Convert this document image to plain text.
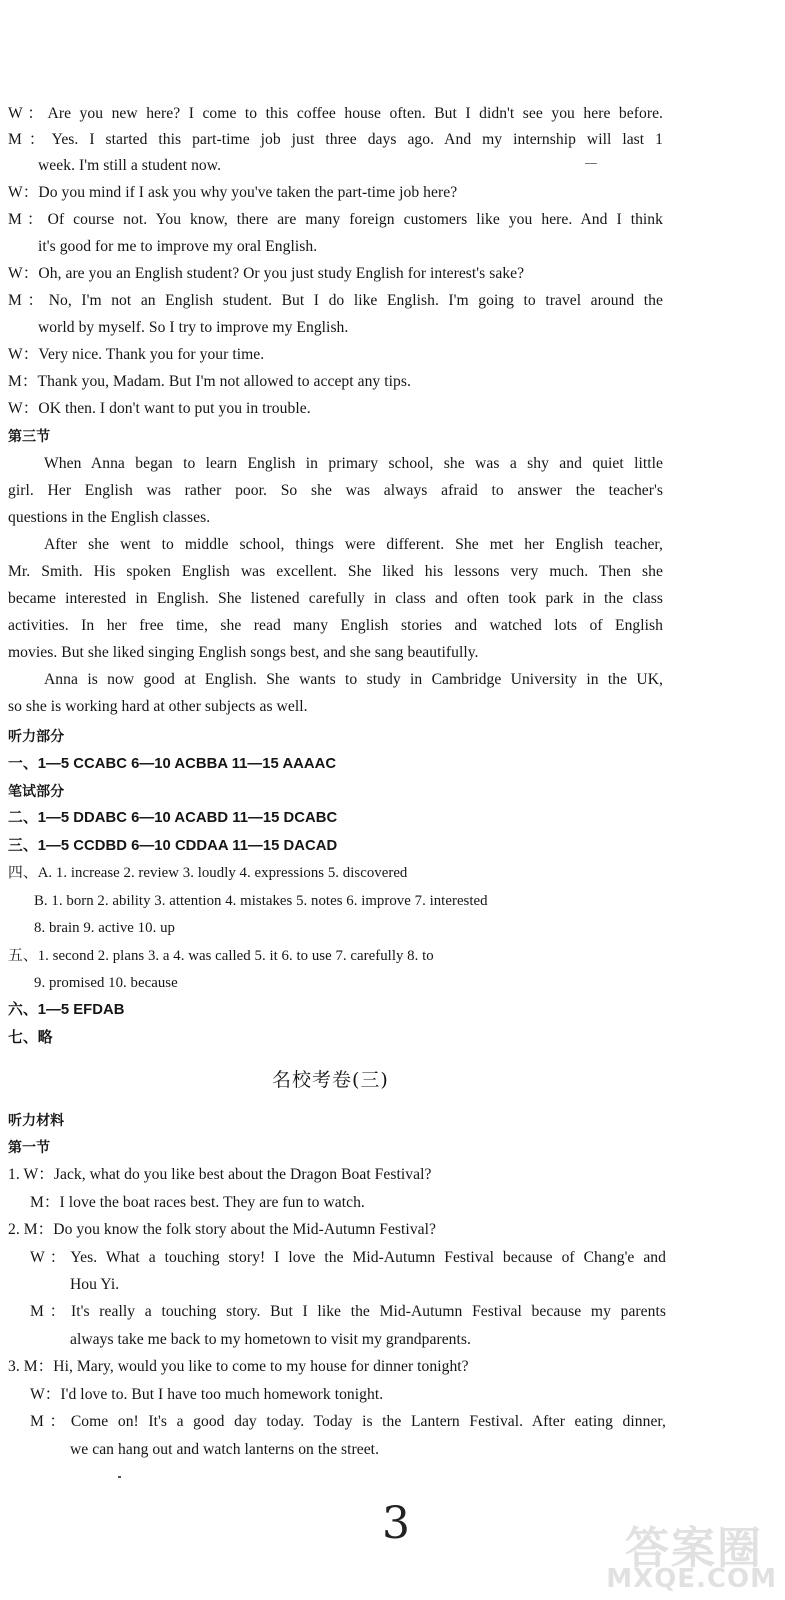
W：Are you new here? I come to this coffee house often. But I didn't see you here before.
M：Yes. I started this part-time job just three days ago. And my internship will last 1
week. I'm still a student now.
W：Do you mind if I ask you why you've taken the part-time job here?
M：Of course not. You know, there are many foreign customers like you here. And I think
it's good for me to improve my oral English.
W：Oh, are you an English student? Or you just study English for interest's sake?
M：No, I'm not an English student. But I do like English. I'm going to travel around the
world by myself. So I try to improve my English.
W：Very nice. Thank you for your time.
M：Thank you, Madam. But I'm not allowed to accept any tips.
W：OK then. I don't want to put you in trouble.
第三节
When Anna began to learn English in primary school, she was a shy and quiet little
girl. Her English was rather poor. So she was always afraid to answer the teacher's
questions in the English classes.
After she went to middle school, things were different. She met her English teacher,
Mr. Smith. His spoken English was excellent. She liked his lessons very much. Then she
became interested in English. She listened carefully in class and often took park in the class
activities. In her free time, she read many English stories and watched lots of English
movies. But she liked singing English songs best, and she sang beautifully.
Anna is now good at English. She wants to study in Cambridge University in the UK,
so she is working hard at other subjects as well.
听力部分
一、1—5 CCABC 6—10 ACBBA 11—15 AAAAC
笔试部分
二、1—5 DDABC 6—10 ACABD 11—15 DCABC
三、1—5 CCDBD 6—10 CDDAA 11—15 DACAD
四、A. 1. increase 2. review 3. loudly 4. expressions 5. discovered
B. 1. born 2. ability 3. attention 4. mistakes 5. notes 6. improve 7. interested
8. brain 9. active 10. up
五、1. second 2. plans 3. a 4. was called 5. it 6. to use 7. carefully 8. to
9. promised 10. because
六、1—5 EFDAB
七、略
名校考卷(三)
听力材料
第一节
1. W：Jack, what do you like best about the Dragon Boat Festival?
M：I love the boat races best. They are fun to watch.
2. M：Do you know the folk story about the Mid-Autumn Festival?
W：Yes. What a touching story! I love the Mid-Autumn Festival because of Chang'e and
Hou Yi.
M：It's really a touching story. But I like the Mid-Autumn Festival because my parents
always take me back to my hometown to visit my grandparents.
3. M：Hi, Mary, would you like to come to my house for dinner tonight?
W：I'd love to. But I have too much homework tonight.
M：Come on! It's a good day today. Today is the Lantern Festival. After eating dinner,
we can hang out and watch lanterns on the street.
3	答案圈
MXQE.COM
